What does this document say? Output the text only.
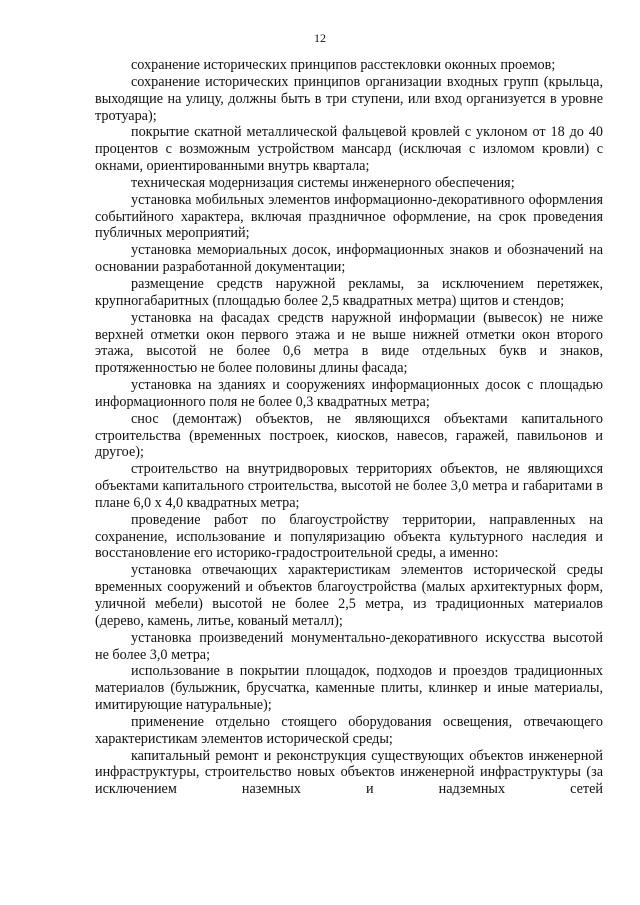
12

сохранение исторических принципов расстекловки оконных проемов;

сохранение исторических принципов организации входных групп (крыльца, выходящие на улицу, должны быть в три ступени, или вход организуется в уровне тротуара);

покрытие скатной металлической фальцевой кровлей с уклоном от 18 до 40 процентов с возможным устройством мансард (исключая с изломом кровли) с окнами, ориентированными внутрь квартала;

техническая модернизация системы инженерного обеспечения;

установка мобильных элементов информационно-декоративного оформления событийного характера, включая праздничное оформление, на срок проведения публичных мероприятий;

установка мемориальных досок, информационных знаков и обозначений на основании разработанной документации;

размещение средств наружной рекламы, за исключением перетяжек, крупногабаритных (площадью более 2,5 квадратных метра) щитов и стендов;

установка на фасадах средств наружной информации (вывесок) не ниже верхней отметки окон первого этажа и не выше нижней отметки окон второго этажа, высотой не более 0,6 метра в виде отдельных букв и знаков, протяженностью не более половины длины фасада;

установка на зданиях и сооружениях информационных досок с площадью информационного поля не более 0,3 квадратных метра;

снос (демонтаж) объектов, не являющихся объектами капитального строительства (временных построек, киосков, навесов, гаражей, павильонов и другое);

строительство на внутридворовых территориях объектов, не являющихся объектами капитального строительства, высотой не более 3,0 метра и габаритами в плане 6,0 х 4,0 квадратных метра;

проведение работ по благоустройству территории, направленных на сохранение, использование и популяризацию объекта культурного наследия и восстановление его историко-градостроительной среды, а именно:

установка отвечающих характеристикам элементов исторической среды временных сооружений и объектов благоустройства (малых архитектурных форм, уличной мебели) высотой не более 2,5 метра, из традиционных материалов (дерево, камень, литье, кованый металл);

установка произведений монументально-декоративного искусства высотой не более 3,0 метра;

использование в покрытии площадок, подходов и проездов традиционных материалов (булыжник, брусчатка, каменные плиты, клинкер и иные материалы, имитирующие натуральные);

применение отдельно стоящего оборудования освещения, отвечающего характеристикам элементов исторической среды;

капитальный ремонт и реконструкция существующих объектов инженерной инфраструктуры, строительство новых объектов инженерной инфраструктуры (за исключением наземных и надземных сетей
